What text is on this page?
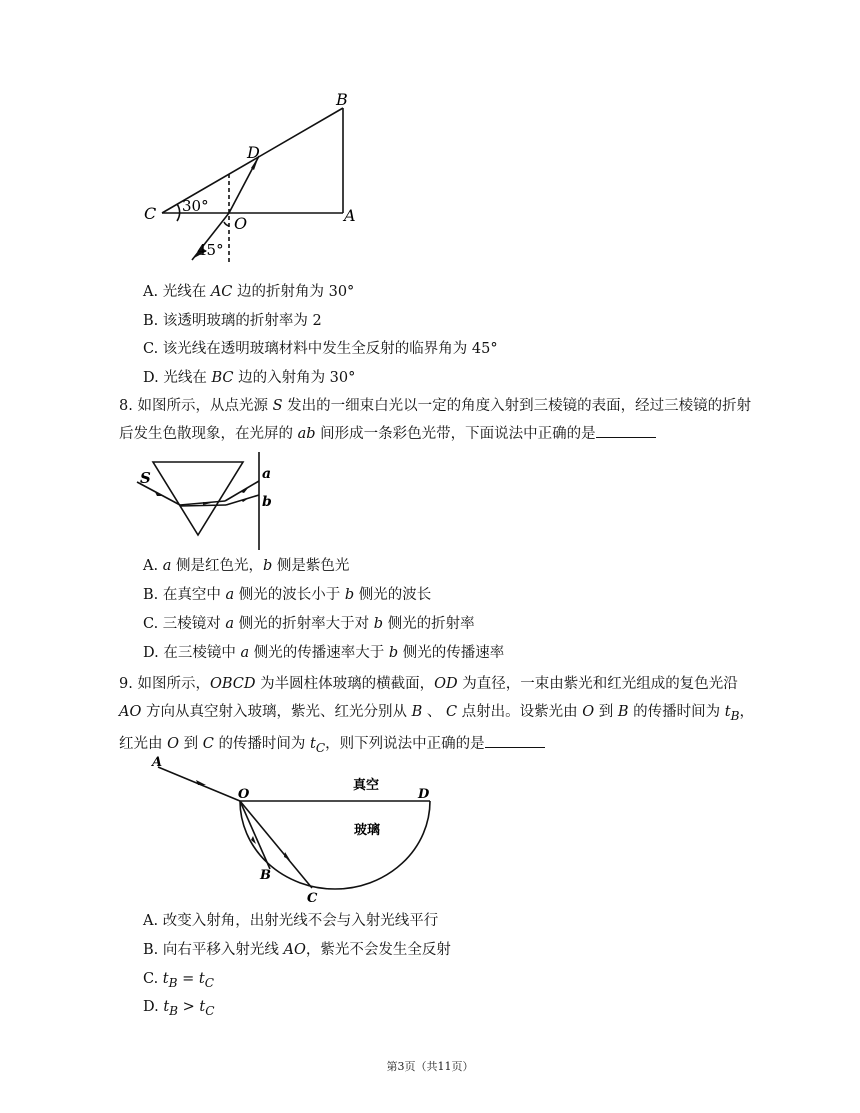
B
D
C
O	A
30°
45°
A. 光线在 AC 边的折射角为 30°
B. 该透明玻璃的折射率为 2
C. 该光线在透明玻璃材料中发生全反射的临界角为 45°
D. 光线在 BC 边的入射角为 30°
8. 如图所示，从点光源 S 发出的一细束白光以一定的角度入射到三棱镜的表面，经过三棱镜的折射后发生色散现象，在光屏的 ab 间形成一条彩色光带，下面说法中正确的是
S	a
b
A. a 侧是红色光，b 侧是紫色光
B. 在真空中 a 侧光的波长小于 b 侧光的波长
C. 三棱镜对 a 侧光的折射率大于对 b 侧光的折射率
D. 在三棱镜中 a 侧光的传播速率大于 b 侧光的传播速率
9. 如图所示，OBCD 为半圆柱体玻璃的横截面，OD 为直径，一束由紫光和红光组成的复色光沿 AO 方向从真空射入玻璃，紫光、红光分别从 B 、 C 点射出。设紫光由 O 到 B 的传播时间为 $t_B$，红光由 O 到 C 的传播时间为 $t_C$，则下列说法中正确的是
A
O	D
B
C
真空
玻璃
A. 改变入射角，出射光线不会与入射光线平行
B. 向右平移入射光线 AO，紫光不会发生全反射
C. $t_B = t_C$
D. $t_B > t_C$
第3页（共11页）
